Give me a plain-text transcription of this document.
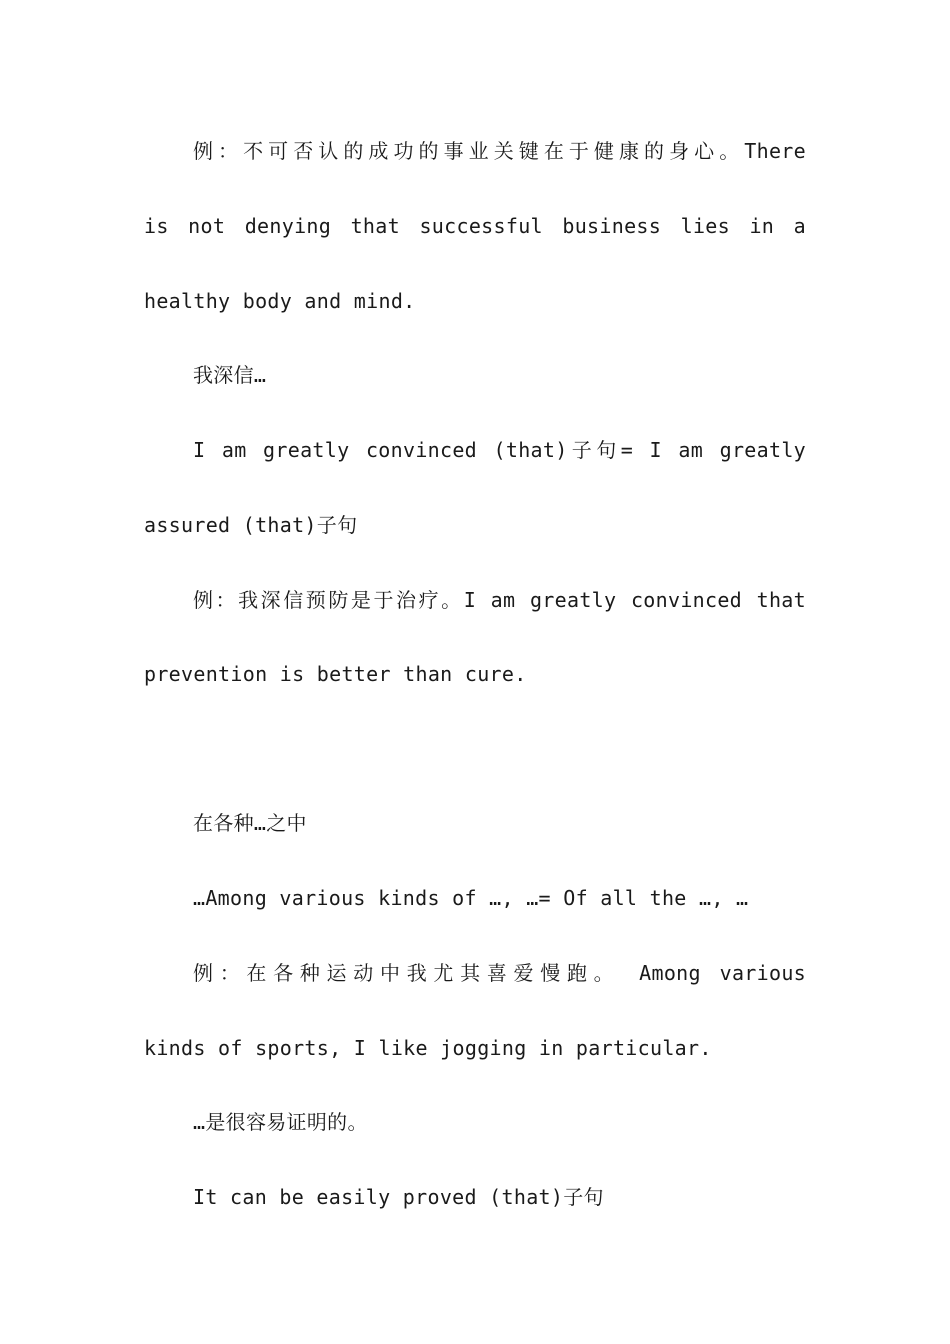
例：不可否认的成功的事业关键在于健康的身心。There
is not denying that successful business lies in a
healthy body and mind.
我深信…
I am greatly convinced (that)子句= I am greatly
assured (that)子句
例：我深信预防是于治疗。I am greatly convinced that
prevention is better than cure.
在各种…之中
…Among various kinds of …, …= Of all the …, …
例：在各种运动中我尤其喜爱慢跑。 Among various
kinds of sports, I like jogging in particular.
…是很容易证明的。
It can be easily proved (that)子句
